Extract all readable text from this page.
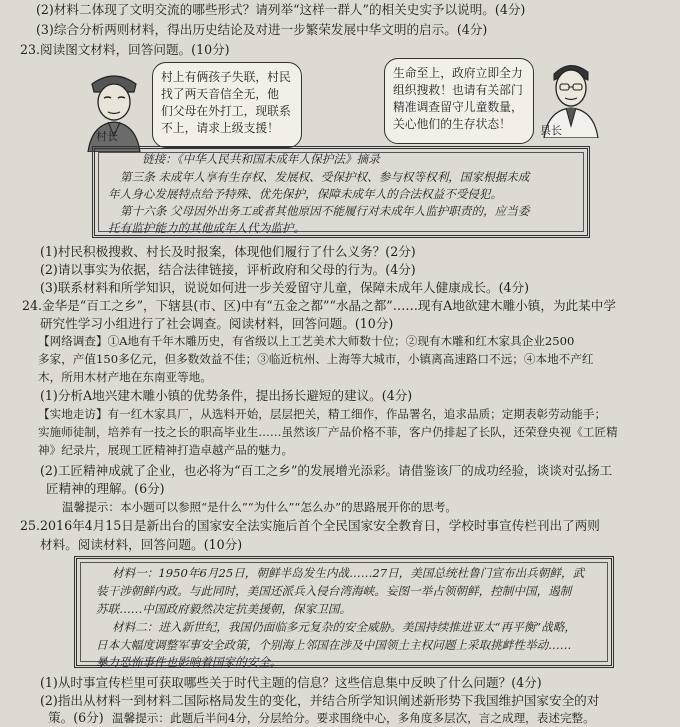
(2)材料二体现了文明交流的哪些形式？请列举“这样一群人”的相关史实予以说明。(4分)
(3)综合分析两则材料，得出历史结论及对进一步繁荣发展中华文明的启示。(4分)
23.阅读图文材料，回答问题。(10分)
村长
村上有俩孩子失联，村民
找了两天音信全无，他
们父母在外打工，现联系
不上，请求上级支援！
生命至上，政府立即全力
组织搜救！也请有关部门
精准调查留守儿童数量，
关心他们的生存状态！	县长
链接：《中华人民共和国未成年人保护法》摘录
第三条 未成年人享有生存权、发展权、受保护权、参与权等权利，国家根据未成
年人身心发展特点给予特殊、优先保护，保障未成年人的合法权益不受侵犯。
第十六条 父母因外出务工或者其他原因不能履行对未成年人监护职责的，应当委
托有监护能力的其他成年人代为监护。
(1)村民积极搜救、村长及时报案，体现他们履行了什么义务？(2分)
(2)请以事实为依据，结合法律链接，评析政府和父母的行为。(4分)
(3)联系材料和所学知识，说说如何进一步关爱留守儿童，保障未成年人健康成长。(4分)
24.金华是“百工之乡”，下辖县(市、区)中有“五金之都”“水晶之都”……现有A地欲建木雕小镇，为此某中学
研究性学习小组进行了社会调查。阅读材料，回答问题。(10分)
【网络调查】①A地有千年木雕历史，有省级以上工艺美术大师数十位；②现有木雕和红木家具企业2500
多家，产值150多亿元，但多数效益不佳；③临近杭州、上海等大城市，小镇离高速路口不远；④本地不产红
木，所用木材产地在东南亚等地。
(1)分析A地兴建木雕小镇的优势条件，提出扬长避短的建议。(4分)
【实地走访】有一红木家具厂，从选料开始，层层把关，精工细作，作品署名，追求品质；定期表彰劳动能手；
实施师徒制，培养有一技之长的职高毕业生……虽然该厂产品价格不菲，客户仍排起了长队，还荣登央视《工匠精
神》纪录片，展现工匠精神打造卓越产品的魅力。
(2)工匠精神成就了企业，也必将为“百工之乡”的发展增光添彩。请借鉴该厂的成功经验，谈谈对弘扬工
匠精神的理解。(6分)
温馨提示：本小题可以参照“是什么”“为什么”“怎么办”的思路展开你的思考。
25.2016年4月15日是新出台的国家安全法实施后首个全民国家安全教育日，学校时事宣传栏刊出了两则
材料。阅读材料，回答问题。(10分)
材料一：1950年6月25日，朝鲜半岛发生内战……27日，美国总统杜鲁门宣布出兵朝鲜，武
装干涉朝鲜内政。与此同时，美国还派兵入侵台湾海峡。妄图一举占领朝鲜，控制中国，遏制
苏联……中国政府毅然决定抗美援朝，保家卫国。
材料二：进入新世纪，我国仍面临多元复杂的安全威胁。美国持续推进亚太“再平衡”战略，
日本大幅度调整军事安全政策，个别海上邻国在涉及中国领土主权问题上采取挑衅性举动……
暴力恐怖事件也影响着国家的安全。
(1)从时事宣传栏里可获取哪些关于时代主题的信息？这些信息集中反映了什么问题？(4分)
(2)指出从材料一到材料二国际格局发生的变化，并结合所学知识阐述新形势下我国维护国家安全的对
策。(6分) 温馨提示：此题后半问4分，分层给分。要求围绕中心，多角度多层次，言之成理，表述完整。
